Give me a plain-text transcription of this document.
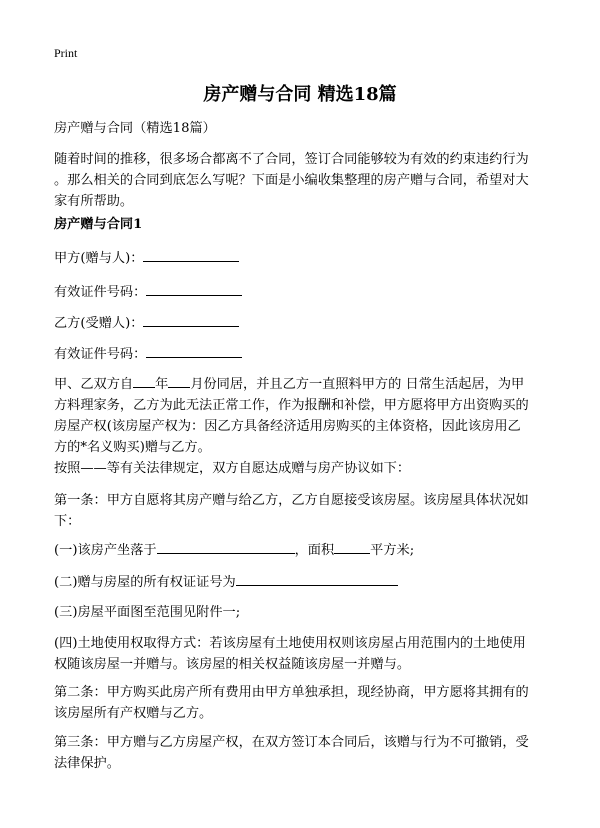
Print
房产赠与合同 精选18篇
房产赠与合同（精选18篇）
随着时间的推移，很多场合都离不了合同，签订合同能够较为有效的约束违约行为
。那么相关的合同到底怎么写呢？下面是小编收集整理的房产赠与合同，希望对大
家有所帮助。
房产赠与合同1
甲方(赠与人)：
有效证件号码：
乙方(受赠人)：
有效证件号码：
甲、乙双方自 年 月份同居，并且乙方一直照料甲方的 日常生活起居，为甲
方料理家务，乙方为此无法正常工作，作为报酬和补偿，甲方愿将甲方出资购买的
房屋产权(该房屋产权为：因乙方具备经济适用房购买的主体资格，因此该房用乙
方的*名义购买)赠与乙方。
按照——等有关法律规定，双方自愿达成赠与房产协议如下：
第一条：甲方自愿将其房产赠与给乙方，乙方自愿接受该房屋。该房屋具体状况如
下：
(一)该房产坐落于	，面积	平方米;
(二)赠与房屋的所有权证证号为
(三)房屋平面图至范围见附件一;
(四)土地使用权取得方式：若该房屋有土地使用权则该房屋占用范围内的土地使用
权随该房屋一并赠与。该房屋的相关权益随该房屋一并赠与。
第二条：甲方购买此房产所有费用由甲方单独承担，现经协商，甲方愿将其拥有的
该房屋所有产权赠与乙方。
第三条：甲方赠与乙方房屋产权，在双方签订本合同后，该赠与行为不可撤销，受
法律保护。
